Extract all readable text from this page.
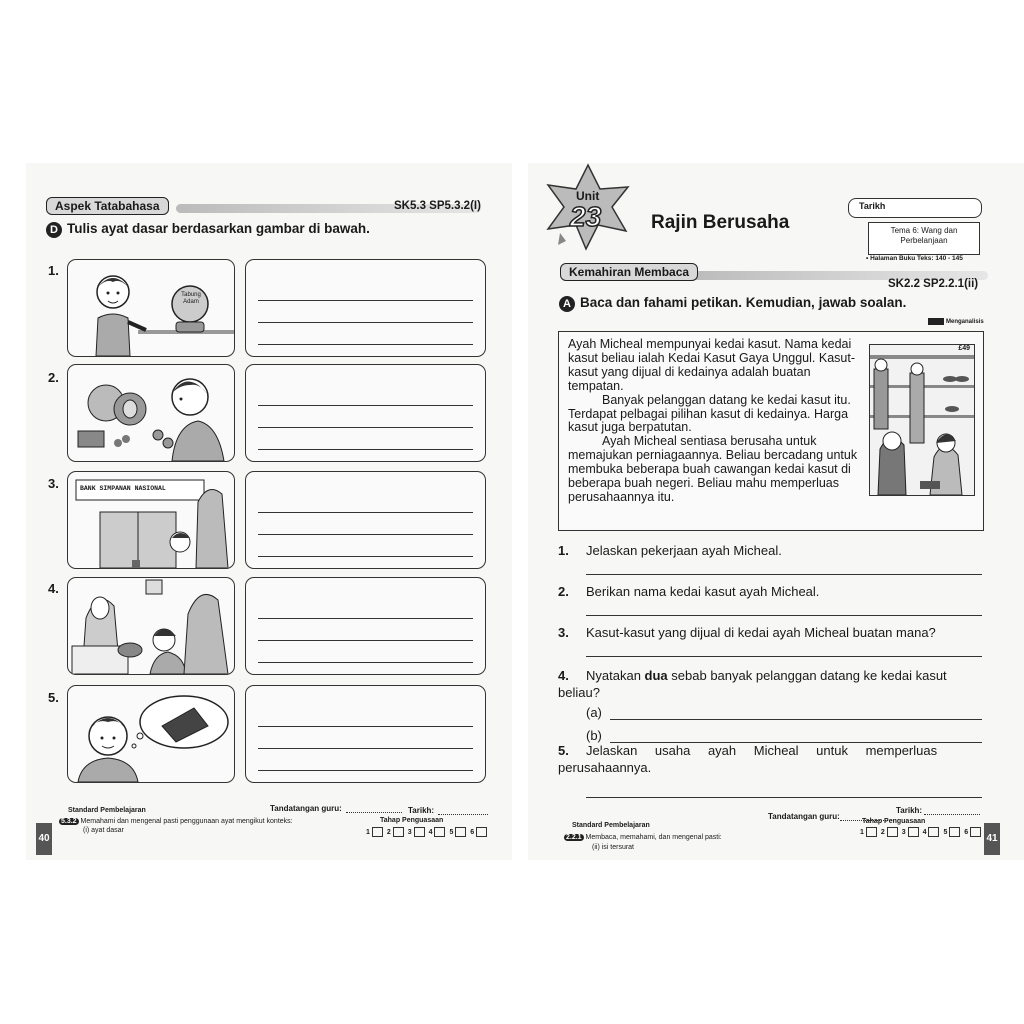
Aspek Tatabahasa	SK5.3 SP5.3.2(I)
D Tulis ayat dasar berdasarkan gambar di bawah.
1.
2.
3.
4.
5.
Tabung Adam
BANK SIMPANAN NASIONAL
Standard Pembelajaran	Tandatangan guru:	Tarikh:
5.3.2 Memahami dan mengenal pasti penggunaan ayat mengikut konteks:
(i) ayat dasar
Tahap Penguasaan
1 2 3 4 5 6
40
Unit
23	Rajin Berusaha
Tarikh
Tema 6: Wang dan
Perbelanjaan
• Halaman Buku Teks: 140 - 145
Kemahiran Membaca
SK2.2 SP2.2.1(ii)
A Baca dan fahami petikan. Kemudian, jawab soalan.
Menganalisis

Ayah Micheal mempunyai kedai kasut. Nama kedai kasut beliau ialah Kedai Kasut Gaya Unggul. Kasut-kasut yang dijual di kedainya adalah buatan tempatan.

Banyak pelanggan datang ke kedai kasut itu. Terdapat pelbagai pilihan kasut di kedainya. Harga kasut juga berpatutan.

Ayah Micheal sentiasa berusaha untuk memajukan perniagaannya. Beliau bercadang untuk membuka beberapa buah cawangan kedai kasut di beberapa buah negeri. Beliau mahu memperluas perusahaannya itu.

£49
1. Jelaskan pekerjaan ayah Micheal.
2. Berikan nama kedai kasut ayah Micheal.
3. Kasut-kasut yang dijual di kedai ayah Micheal buatan mana?
4. Nyatakan dua sebab banyak pelanggan datang ke kedai kasut beliau?
(a)
(b)
5. Jelaskan usaha ayah Micheal untuk memperluas perusahaannya.
Standard Pembelajaran
Tandatangan guru:
Tarikh:
2.2.1 Membaca, memahami, dan mengenal pasti:
(ii) isi tersurat
Tahap Penguasaan
1 2 3 4 5 6
41
